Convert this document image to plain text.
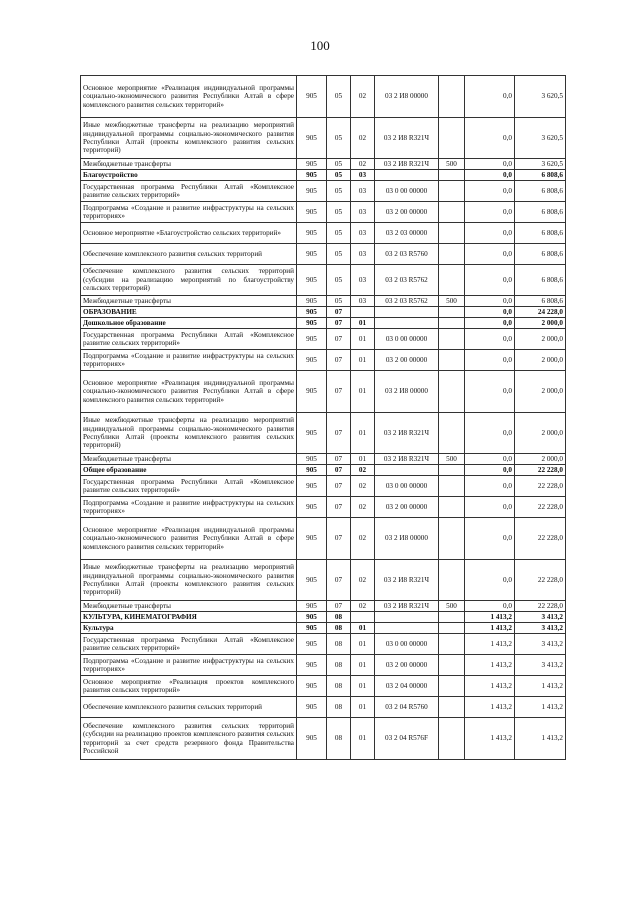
100
Основное мероприятие «Реализация индивидуальной программы социально-экономического развития Республики Алтай в сфере комплексного развития сельских территорий»	905	05	02	03 2 И8 00000		0,0	3 620,5
Иные межбюджетные трансферты на реализацию мероприятий индивидуальной программы социально-экономического развития Республики Алтай (проекты комплексного развития сельских территорий)	905	05	02	03 2 И8 R321Ч		0,0	3 620,5
Межбюджетные трансферты	905	05	02	03 2 И8 R321Ч	500	0,0	3 620,5
Благоустройство	905	05	03			0,0	6 808,6
Государственная программа Республики Алтай «Комплексное развитие сельских территорий»	905	05	03	03 0 00 00000		0,0	6 808,6
Подпрограмма «Создание и развитие инфраструктуры на сельских территориях»	905	05	03	03 2 00 00000		0,0	6 808,6
Основное мероприятие «Благоустройство сельских территорий»	905	05	03	03 2 03 00000		0,0	6 808,6
Обеспечение комплексного развития сельских территорий	905	05	03	03 2 03 R5760		0,0	6 808,6
Обеспечение комплексного развития сельских территорий (субсидии на реализацию мероприятий по благоустройству сельских территорий)	905	05	03	03 2 03 R5762		0,0	6 808,6
Межбюджетные трансферты	905	05	03	03 2 03 R5762	500	0,0	6 808,6
ОБРАЗОВАНИЕ	905	07				0,0	24 228,0
Дошкольное образование	905	07	01			0,0	2 000,0
Государственная программа Республики Алтай «Комплексное развитие сельских территорий»	905	07	01	03 0 00 00000		0,0	2 000,0
Подпрограмма «Создание и развитие инфраструктуры на сельских территориях»	905	07	01	03 2 00 00000		0,0	2 000,0
Основное мероприятие «Реализация индивидуальной программы социально-экономического развития Республики Алтай в сфере комплексного развития сельских территорий»	905	07	01	03 2 И8 00000		0,0	2 000,0
Иные межбюджетные трансферты на реализацию мероприятий индивидуальной программы социально-экономического развития Республики Алтай (проекты комплексного развития сельских территорий)	905	07	01	03 2 И8 R321Ч		0,0	2 000,0
Межбюджетные трансферты	905	07	01	03 2 И8 R321Ч	500	0,0	2 000,0
Общее образование	905	07	02			0,0	22 228,0
Государственная программа Республики Алтай «Комплексное развитие сельских территорий»	905	07	02	03 0 00 00000		0,0	22 228,0
Подпрограмма «Создание и развитие инфраструктуры на сельских территориях»	905	07	02	03 2 00 00000		0,0	22 228,0
Основное мероприятие «Реализация индивидуальной программы социально-экономического развития Республики Алтай в сфере комплексного развития сельских территорий»	905	07	02	03 2 И8 00000		0,0	22 228,0
Иные межбюджетные трансферты на реализацию мероприятий индивидуальной программы социально-экономического развития Республики Алтай (проекты комплексного развития сельских территорий)	905	07	02	03 2 И8 R321Ч		0,0	22 228,0
Межбюджетные трансферты	905	07	02	03 2 И8 R321Ч	500	0,0	22 228,0
КУЛЬТУРА, КИНЕМАТОГРАФИЯ	905	08				1 413,2	3 413,2
Культура	905	08	01			1 413,2	3 413,2
Государственная программа Республики Алтай «Комплексное развитие сельских территорий»	905	08	01	03 0 00 00000		1 413,2	3 413,2
Подпрограмма «Создание и развитие инфраструктуры на сельских территориях»	905	08	01	03 2 00 00000		1 413,2	3 413,2
Основное мероприятие «Реализация проектов комплексного развития сельских территорий»	905	08	01	03 2 04 00000		1 413,2	1 413,2
Обеспечение комплексного развития сельских территорий	905	08	01	03 2 04 R5760		1 413,2	1 413,2
Обеспечение комплексного развития сельских территорий (субсидии на реализацию проектов комплексного развития сельских территорий за счет средств резервного фонда Правительства Российской	905	08	01	03 2 04 R576F		1 413,2	1 413,2
